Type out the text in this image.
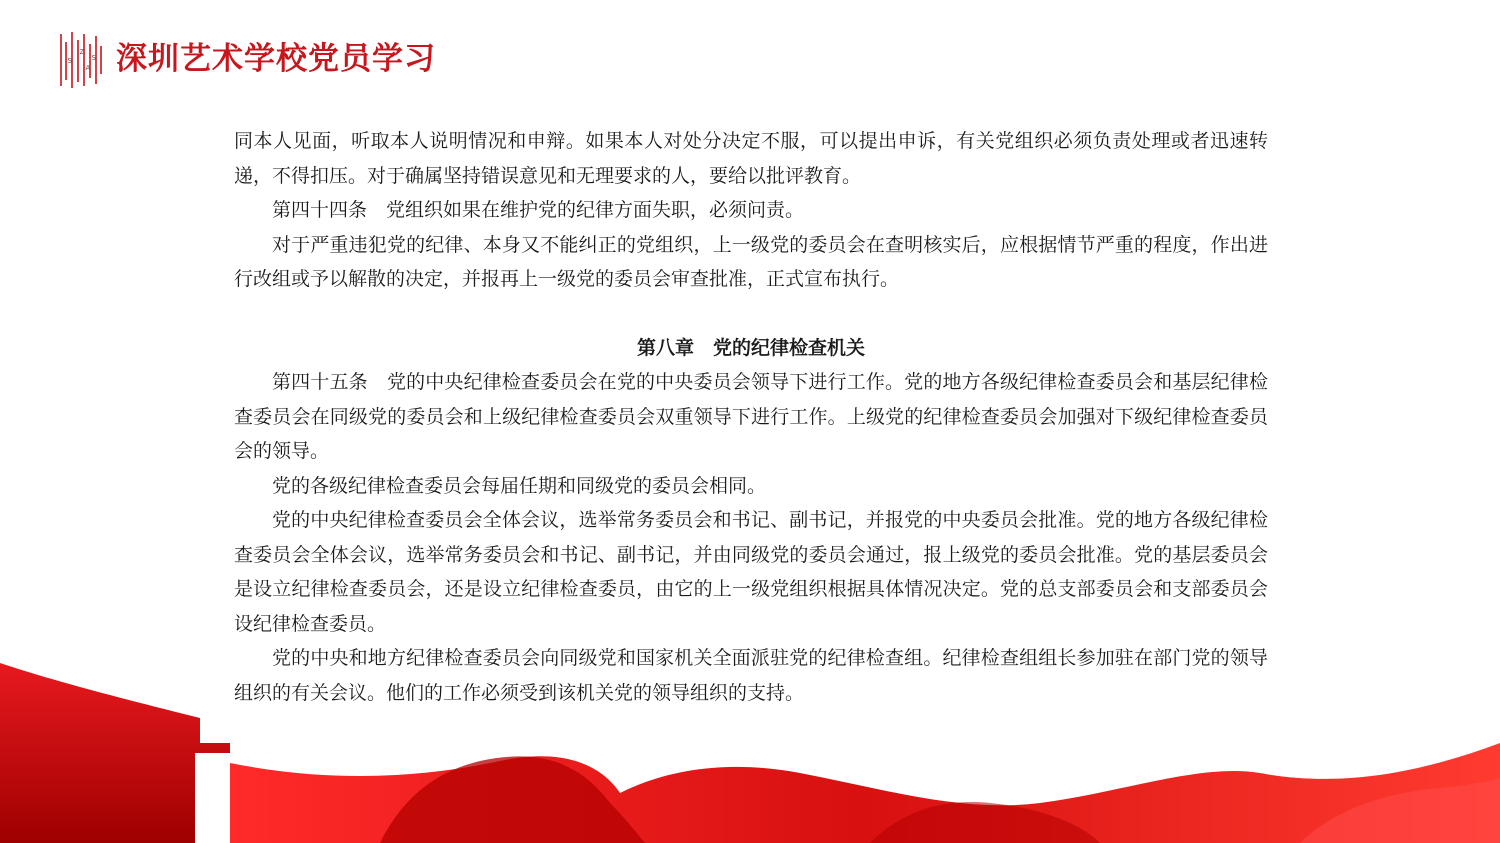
S
Z
A
S 深圳艺术学校党员学习

同本人见面，听取本人说明情况和申辩。如果本人对处分决定不服，可以提出申诉，有关党组织必须负责处理或者迅速转递，不得扣压。对于确属坚持错误意见和无理要求的人，要给以批评教育。

第四十四条　党组织如果在维护党的纪律方面失职，必须问责。

对于严重违犯党的纪律、本身又不能纠正的党组织，上一级党的委员会在查明核实后，应根据情节严重的程度，作出进行改组或予以解散的决定，并报再上一级党的委员会审查批准，正式宣布执行。

第八章　党的纪律检查机关

第四十五条　党的中央纪律检查委员会在党的中央委员会领导下进行工作。党的地方各级纪律检查委员会和基层纪律检查委员会在同级党的委员会和上级纪律检查委员会双重领导下进行工作。上级党的纪律检查委员会加强对下级纪律检查委员会的领导。

党的各级纪律检查委员会每届任期和同级党的委员会相同。

党的中央纪律检查委员会全体会议，选举常务委员会和书记、副书记，并报党的中央委员会批准。党的地方各级纪律检查委员会全体会议，选举常务委员会和书记、副书记，并由同级党的委员会通过，报上级党的委员会批准。党的基层委员会是设立纪律检查委员会，还是设立纪律检查委员，由它的上一级党组织根据具体情况决定。党的总支部委员会和支部委员会设纪律检查委员。

党的中央和地方纪律检查委员会向同级党和国家机关全面派驻党的纪律检查组。纪律检查组组长参加驻在部门党的领导组织的有关会议。他们的工作必须受到该机关党的领导组织的支持。
